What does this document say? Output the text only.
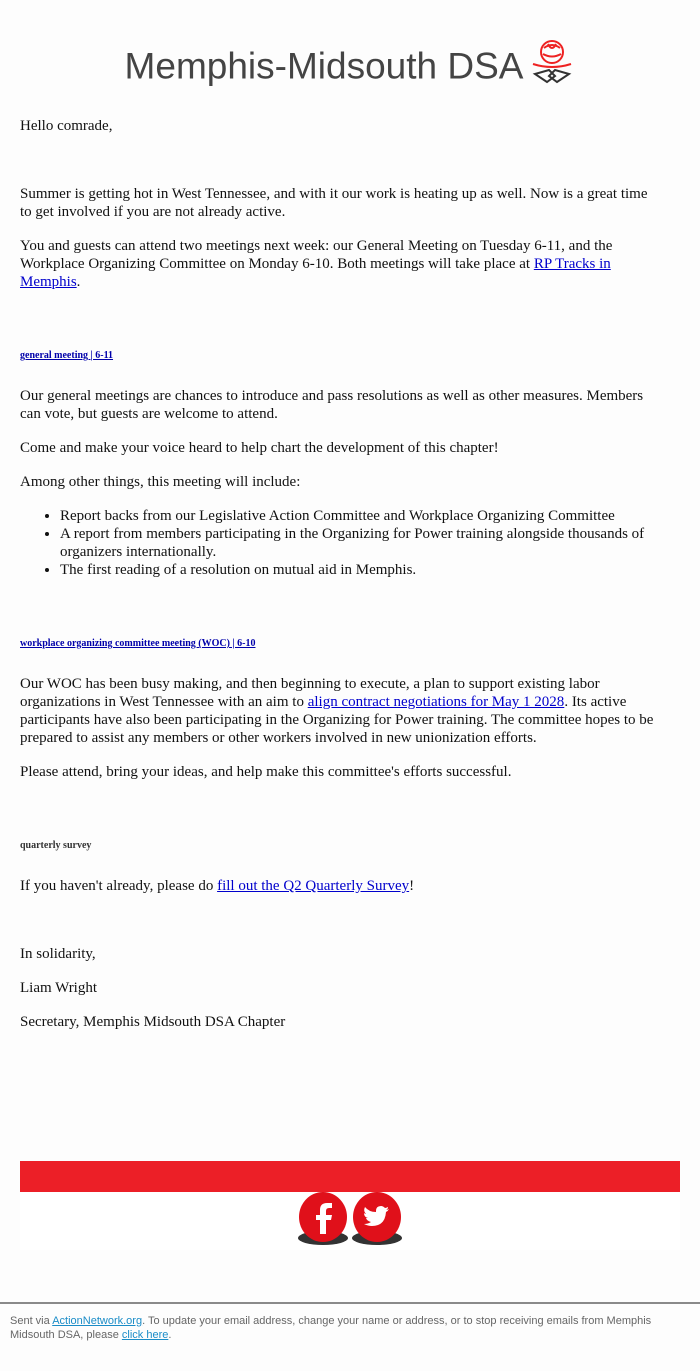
Memphis-Midsouth DSA
Hello comrade,
Summer is getting hot in West Tennessee, and with it our work is heating up as well. Now is a great time to get involved if you are not already active.
You and guests can attend two meetings next week: our General Meeting on Tuesday 6-11, and the Workplace Organizing Committee on Monday 6-10. Both meetings will take place at RP Tracks in Memphis.
general meeting | 6-11
Our general meetings are chances to introduce and pass resolutions as well as other measures. Members can vote, but guests are welcome to attend.
Come and make your voice heard to help chart the development of this chapter!
Among other things, this meeting will include:
• Report backs from our Legislative Action Committee and Workplace Organizing Committee
• A report from members participating in the Organizing for Power training alongside thousands of organizers internationally.
• The first reading of a resolution on mutual aid in Memphis.
workplace organizing committee meeting (WOC) | 6-10
Our WOC has been busy making, and then beginning to execute, a plan to support existing labor organizations in West Tennessee with an aim to align contract negotiations for May 1 2028. Its active participants have also been participating in the Organizing for Power training. The committee hopes to be prepared to assist any members or other workers involved in new unionization efforts.
Please attend, bring your ideas, and help make this committee's efforts successful.
quarterly survey
If you haven't already, please do fill out the Q2 Quarterly Survey!
In solidarity,
Liam Wright
Secretary, Memphis Midsouth DSA Chapter
Sent via ActionNetwork.org. To update your email address, change your name or address, or to stop receiving emails from Memphis Midsouth DSA, please click here.
